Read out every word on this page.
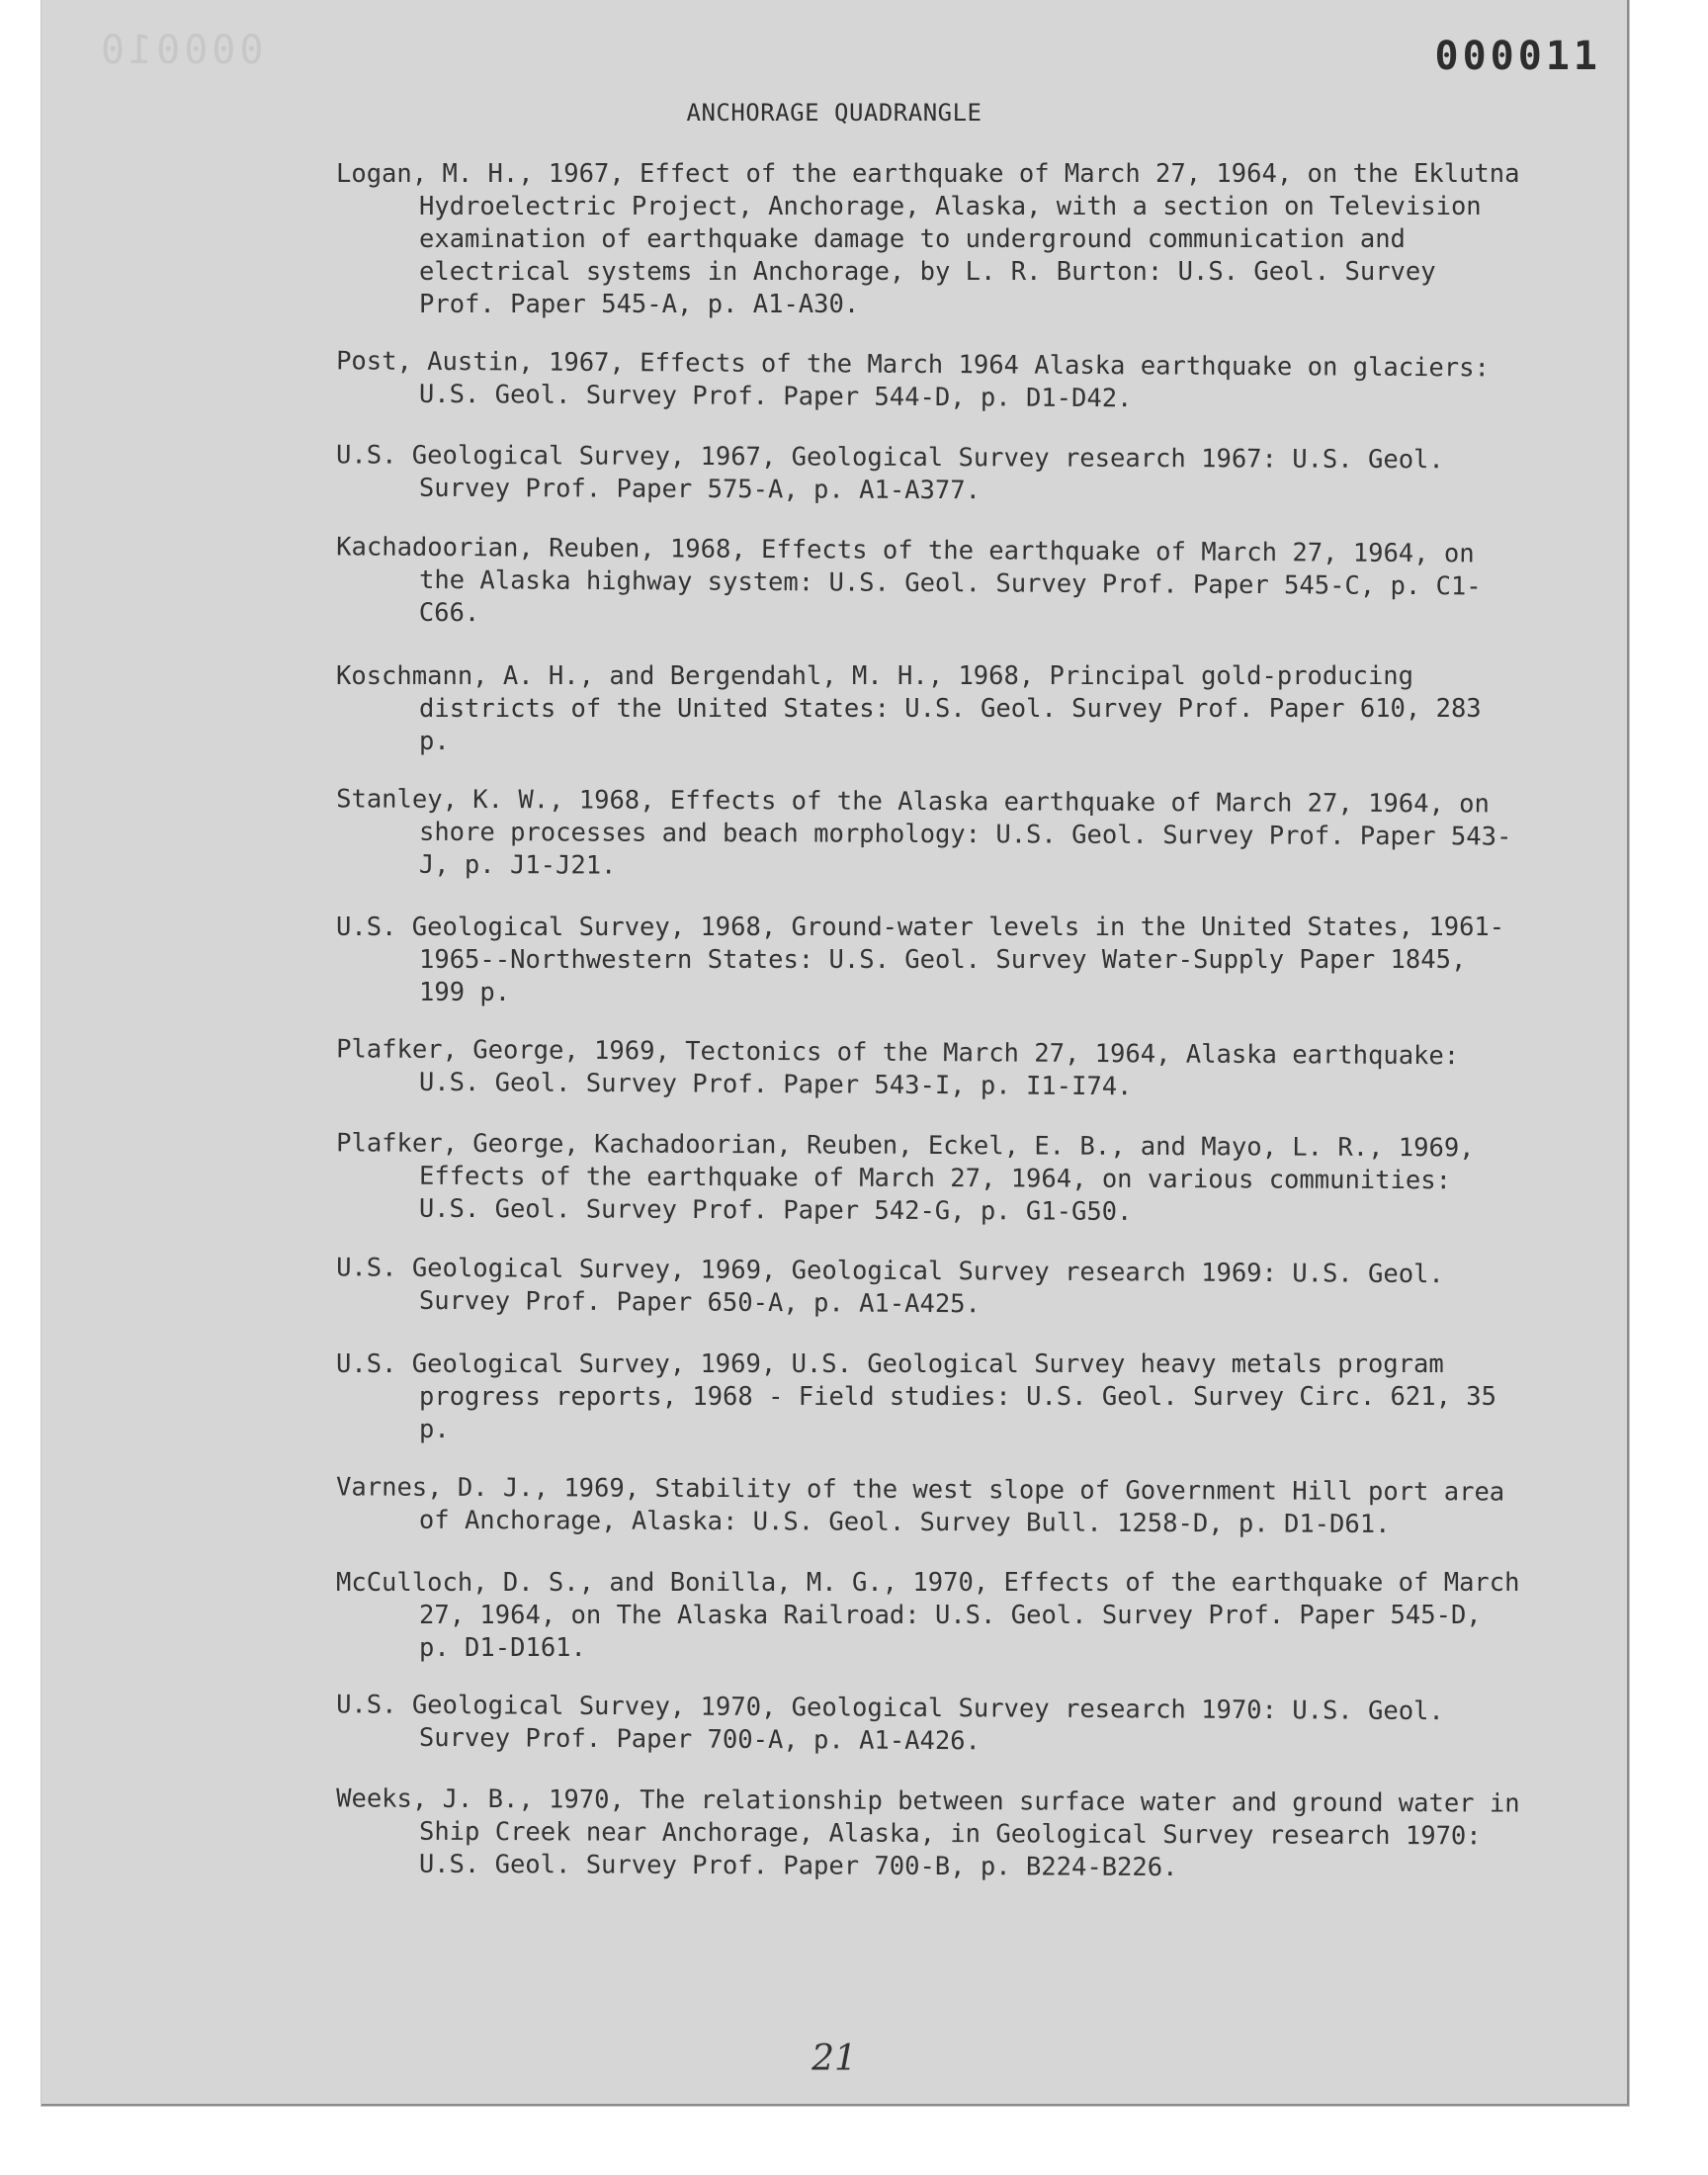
000010	000011
ANCHORAGE QUADRANGLE
Logan, M. H., 1967, Effect of the earthquake of March 27, 1964, on the Eklutna Hydroelectric Project, Anchorage, Alaska, with a section on Television examination of earthquake damage to underground communication and electrical systems in Anchorage, by L. R. Burton: U.S. Geol. Survey Prof. Paper 545-A, p. A1-A30.
Post, Austin, 1967, Effects of the March 1964 Alaska earthquake on glaciers: U.S. Geol. Survey Prof. Paper 544-D, p. D1-D42.
U.S. Geological Survey, 1967, Geological Survey research 1967: U.S. Geol. Survey Prof. Paper 575-A, p. A1-A377.
Kachadoorian, Reuben, 1968, Effects of the earthquake of March 27, 1964, on the Alaska highway system: U.S. Geol. Survey Prof. Paper 545-C, p. C1-C66.
Koschmann, A. H., and Bergendahl, M. H., 1968, Principal gold-producing districts of the United States: U.S. Geol. Survey Prof. Paper 610, 283 p.
Stanley, K. W., 1968, Effects of the Alaska earthquake of March 27, 1964, on shore processes and beach morphology: U.S. Geol. Survey Prof. Paper 543-J, p. J1-J21.
U.S. Geological Survey, 1968, Ground-water levels in the United States, 1961-1965--Northwestern States: U.S. Geol. Survey Water-Supply Paper 1845, 199 p.
Plafker, George, 1969, Tectonics of the March 27, 1964, Alaska earthquake: U.S. Geol. Survey Prof. Paper 543-I, p. I1-I74.
Plafker, George, Kachadoorian, Reuben, Eckel, E. B., and Mayo, L. R., 1969, Effects of the earthquake of March 27, 1964, on various communities: U.S. Geol. Survey Prof. Paper 542-G, p. G1-G50.
U.S. Geological Survey, 1969, Geological Survey research 1969: U.S. Geol. Survey Prof. Paper 650-A, p. A1-A425.
U.S. Geological Survey, 1969, U.S. Geological Survey heavy metals program progress reports, 1968 - Field studies: U.S. Geol. Survey Circ. 621, 35 p.
Varnes, D. J., 1969, Stability of the west slope of Government Hill port area of Anchorage, Alaska: U.S. Geol. Survey Bull. 1258-D, p. D1-D61.
McCulloch, D. S., and Bonilla, M. G., 1970, Effects of the earthquake of March 27, 1964, on The Alaska Railroad: U.S. Geol. Survey Prof. Paper 545-D, p. D1-D161.
U.S. Geological Survey, 1970, Geological Survey research 1970: U.S. Geol. Survey Prof. Paper 700-A, p. A1-A426.
Weeks, J. B., 1970, The relationship between surface water and ground water in Ship Creek near Anchorage, Alaska, in Geological Survey research 1970: U.S. Geol. Survey Prof. Paper 700-B, p. B224-B226.
21
